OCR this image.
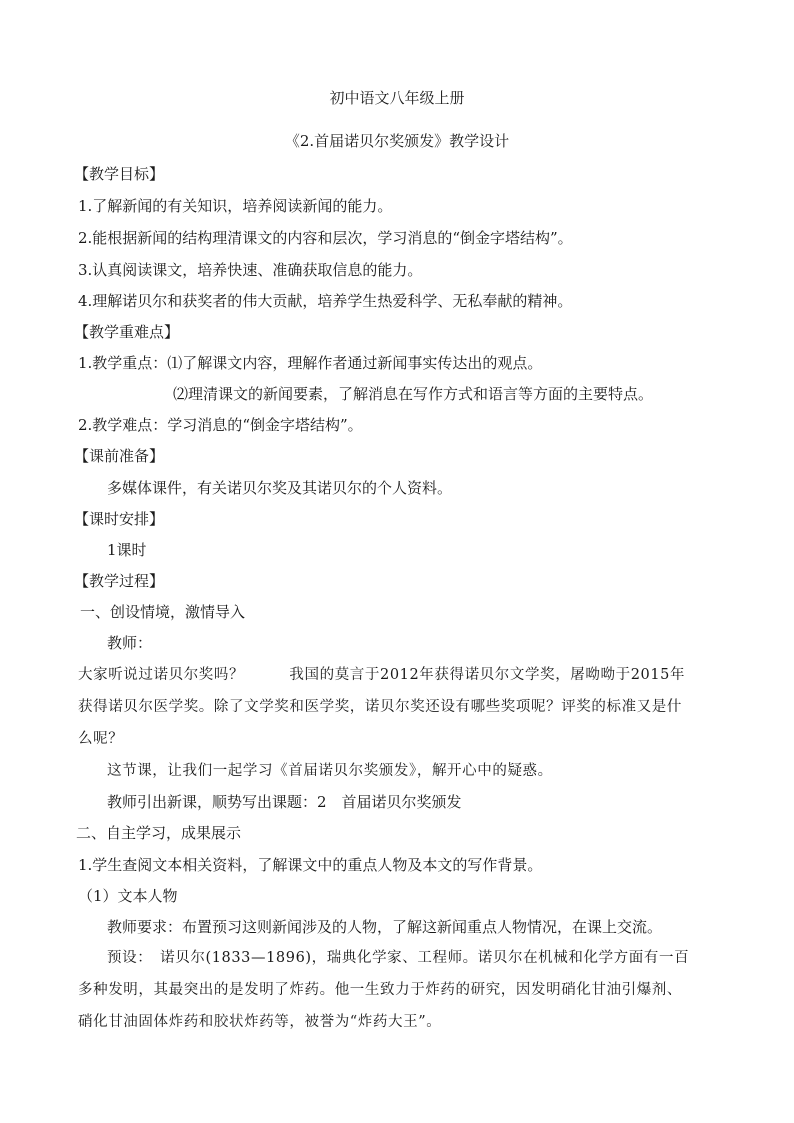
初中语文八年级上册

《2.首届诺贝尔奖颁发》教学设计

【教学目标】

1.了解新闻的有关知识，培养阅读新闻的能力。

2.能根据新闻的结构理清课文的内容和层次，学习消息的“倒金字塔结构”。

3.认真阅读课文，培养快速、准确获取信息的能力。

4.理解诺贝尔和获奖者的伟大贡献，培养学生热爱科学、无私奉献的精神。

【教学重难点】

1.教学重点：⑴了解课文内容，理解作者通过新闻事实传达出的观点。

⑵理清课文的新闻要素，了解消息在写作方式和语言等方面的主要特点。

2.教学难点：学习消息的“倒金字塔结构”。

【课前准备】

多媒体课件，有关诺贝尔奖及其诺贝尔的个人资料。

【课时安排】

1课时

【教学过程】

一、创设情境，激情导入

教师：

大家听说过诺贝尔奖吗？　　　我国的莫言于2012年获得诺贝尔文学奖，屠呦呦于2015年

获得诺贝尔医学奖。除了文学奖和医学奖，诺贝尔奖还设有哪些奖项呢？评奖的标准又是什

么呢？

这节课，让我们一起学习《首届诺贝尔奖颁发》，解开心中的疑惑。

教师引出新课，顺势写出课题：2　首届诺贝尔奖颁发

二、自主学习，成果展示

1.学生查阅文本相关资料，了解课文中的重点人物及本文的写作背景。

（1）文本人物

教师要求：布置预习这则新闻涉及的人物，了解这新闻重点人物情况，在课上交流。

预设：　诺贝尔(1833—1896)，瑞典化学家、工程师。诺贝尔在机械和化学方面有一百

多种发明，其最突出的是发明了炸药。他一生致力于炸药的研究，因发明硝化甘油引爆剂、

硝化甘油固体炸药和胶状炸药等，被誉为“炸药大王”。
